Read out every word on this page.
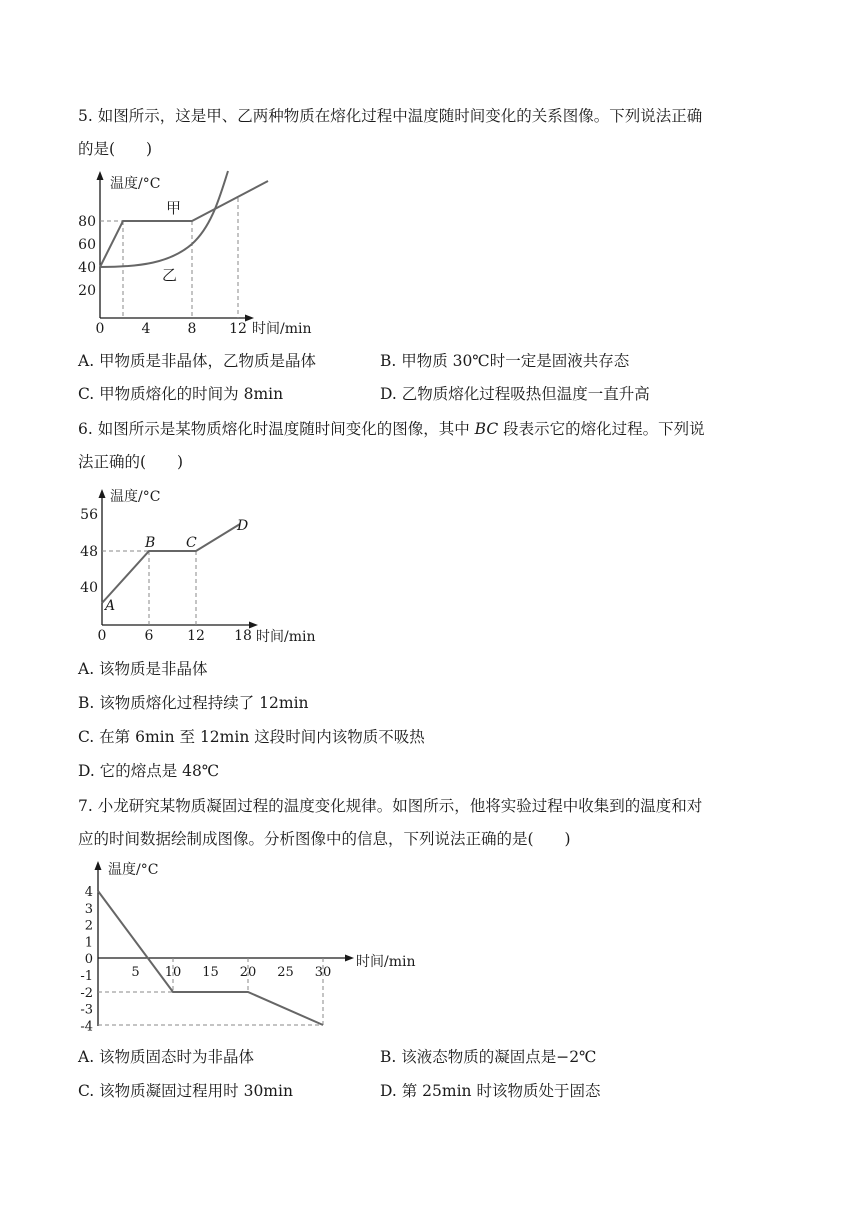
5. 如图所示，这是甲、乙两种物质在熔化过程中温度随时间变化的关系图像。下列说法正确
的是(　　)
温度/°C
时间/min
80
60
40
20
0	4	8 12
甲
乙
A. 甲物质是非晶体，乙物质是晶体	B. 甲物质 30℃时一定是固液共存态
C. 甲物质熔化的时间为 8min	D. 乙物质熔化过程吸热但温度一直升高
6. 如图所示是某物质熔化时温度随时间变化的图像，其中 BC 段表示它的熔化过程。下列说
法正确的(　　)
温度/°C
时间/min
56
48
40
0	6 12 18
A
B C
D
A. 该物质是非晶体
B. 该物质熔化过程持续了 12min
C. 在第 6min 至 12min 这段时间内该物质不吸热
D. 它的熔点是 48℃
7. 小龙研究某物质凝固过程的温度变化规律。如图所示，他将实验过程中收集到的温度和对
应的时间数据绘制成图像。分析图像中的信息，下列说法正确的是(　　)
温度/°C
时间/min
4
3
2
1
0
-1
-2
-3
-4
5 10 15 20 25 30
A. 该物质固态时为非晶体	B. 该液态物质的凝固点是−2℃
C. 该物质凝固过程用时 30min	D. 第 25min 时该物质处于固态
